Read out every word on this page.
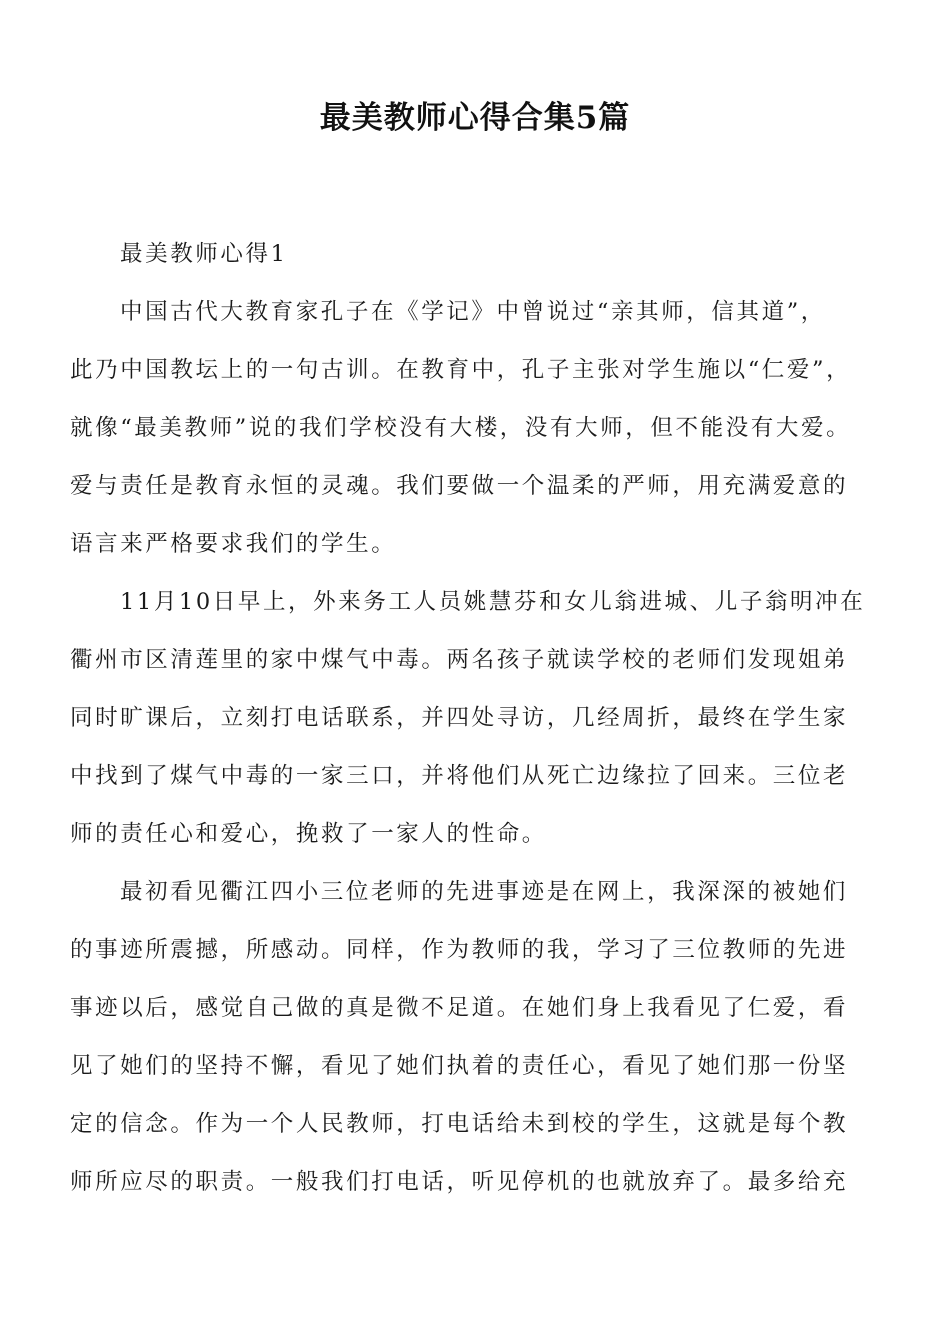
最美教师心得合集5篇
最美教师心得1
中国古代大教育家孔子在《学记》中曾说过“亲其师，信其道”，
此乃中国教坛上的一句古训。在教育中，孔子主张对学生施以“仁爱”，
就像“最美教师”说的我们学校没有大楼，没有大师，但不能没有大爱。
爱与责任是教育永恒的灵魂。我们要做一个温柔的严师，用充满爱意的
语言来严格要求我们的学生。
11月10日早上，外来务工人员姚慧芬和女儿翁进城、儿子翁明冲在
衢州市区清莲里的家中煤气中毒。两名孩子就读学校的老师们发现姐弟
同时旷课后，立刻打电话联系，并四处寻访，几经周折，最终在学生家
中找到了煤气中毒的一家三口，并将他们从死亡边缘拉了回来。三位老
师的责任心和爱心，挽救了一家人的性命。
最初看见衢江四小三位老师的先进事迹是在网上，我深深的被她们
的事迹所震撼，所感动。同样，作为教师的我，学习了三位教师的先进
事迹以后，感觉自己做的真是微不足道。在她们身上我看见了仁爱，看
见了她们的坚持不懈，看见了她们执着的责任心，看见了她们那一份坚
定的信念。作为一个人民教师，打电话给未到校的学生，这就是每个教
师所应尽的职责。一般我们打电话，听见停机的也就放弃了。最多给充
